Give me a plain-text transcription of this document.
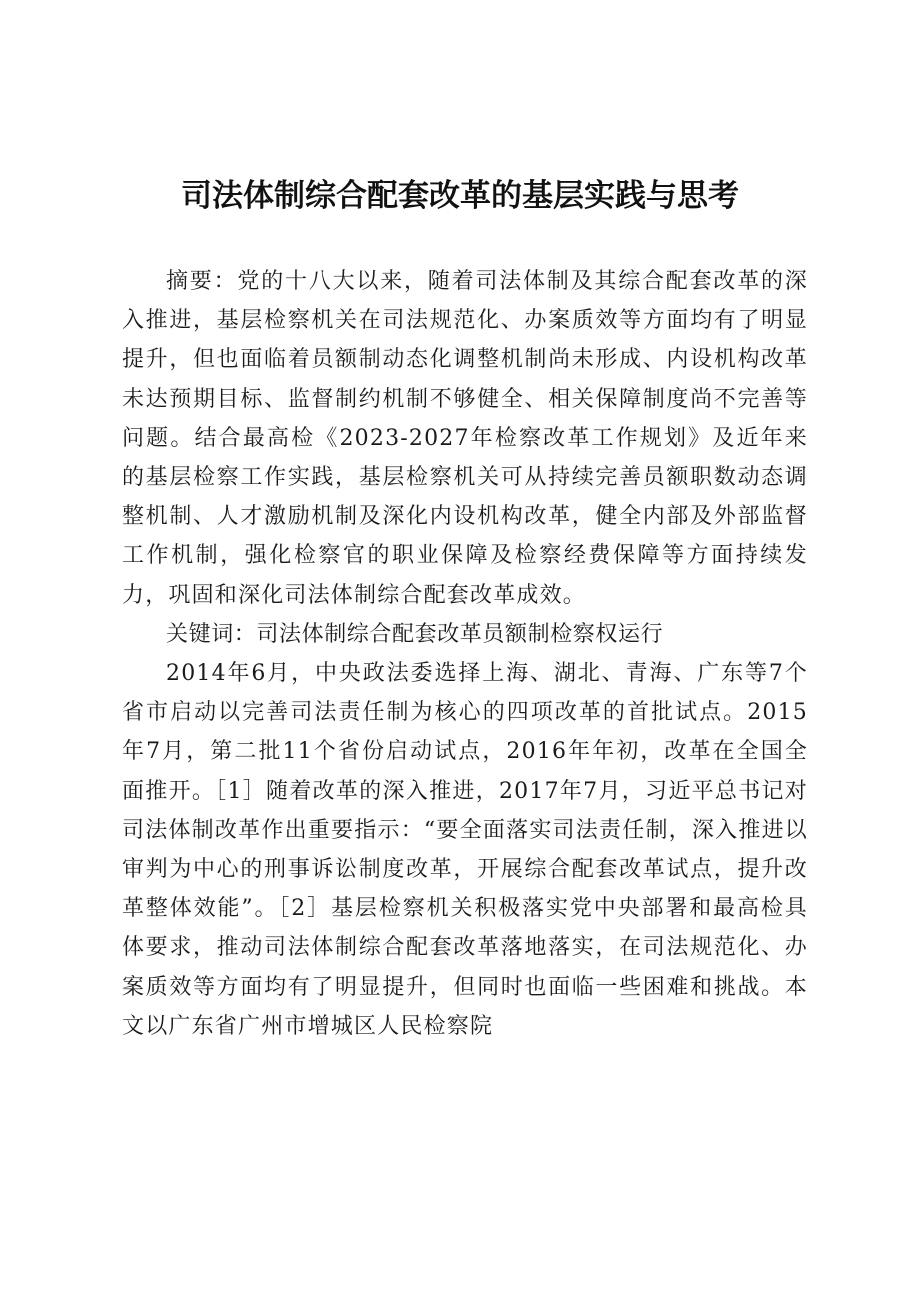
司法体制综合配套改革的基层实践与思考

摘要：党的十八大以来，随着司法体制及其综合配套改革的深入推进，基层检察机关在司法规范化、办案质效等方面均有了明显提升，但也面临着员额制动态化调整机制尚未形成、内设机构改革未达预期目标、监督制约机制不够健全、相关保障制度尚不完善等问题。结合最高检《2023-2027年检察改革工作规划》及近年来的基层检察工作实践，基层检察机关可从持续完善员额职数动态调整机制、人才激励机制及深化内设机构改革，健全内部及外部监督工作机制，强化检察官的职业保障及检察经费保障等方面持续发力，巩固和深化司法体制综合配套改革成效。

关键词：司法体制综合配套改革员额制检察权运行

2014年6月，中央政法委选择上海、湖北、青海、广东等7个省市启动以完善司法责任制为核心的四项改革的首批试点。2015年7月，第二批11个省份启动试点，2016年年初，改革在全国全面推开。［1］随着改革的深入推进，2017年7月，习近平总书记对司法体制改革作出重要指示：“要全面落实司法责任制，深入推进以审判为中心的刑事诉讼制度改革，开展综合配套改革试点，提升改革整体效能”。［2］基层检察机关积极落实党中央部署和最高检具体要求，推动司法体制综合配套改革落地落实，在司法规范化、办案质效等方面均有了明显提升，但同时也面临一些困难和挑战。本文以广东省广州市增城区人民检察院
